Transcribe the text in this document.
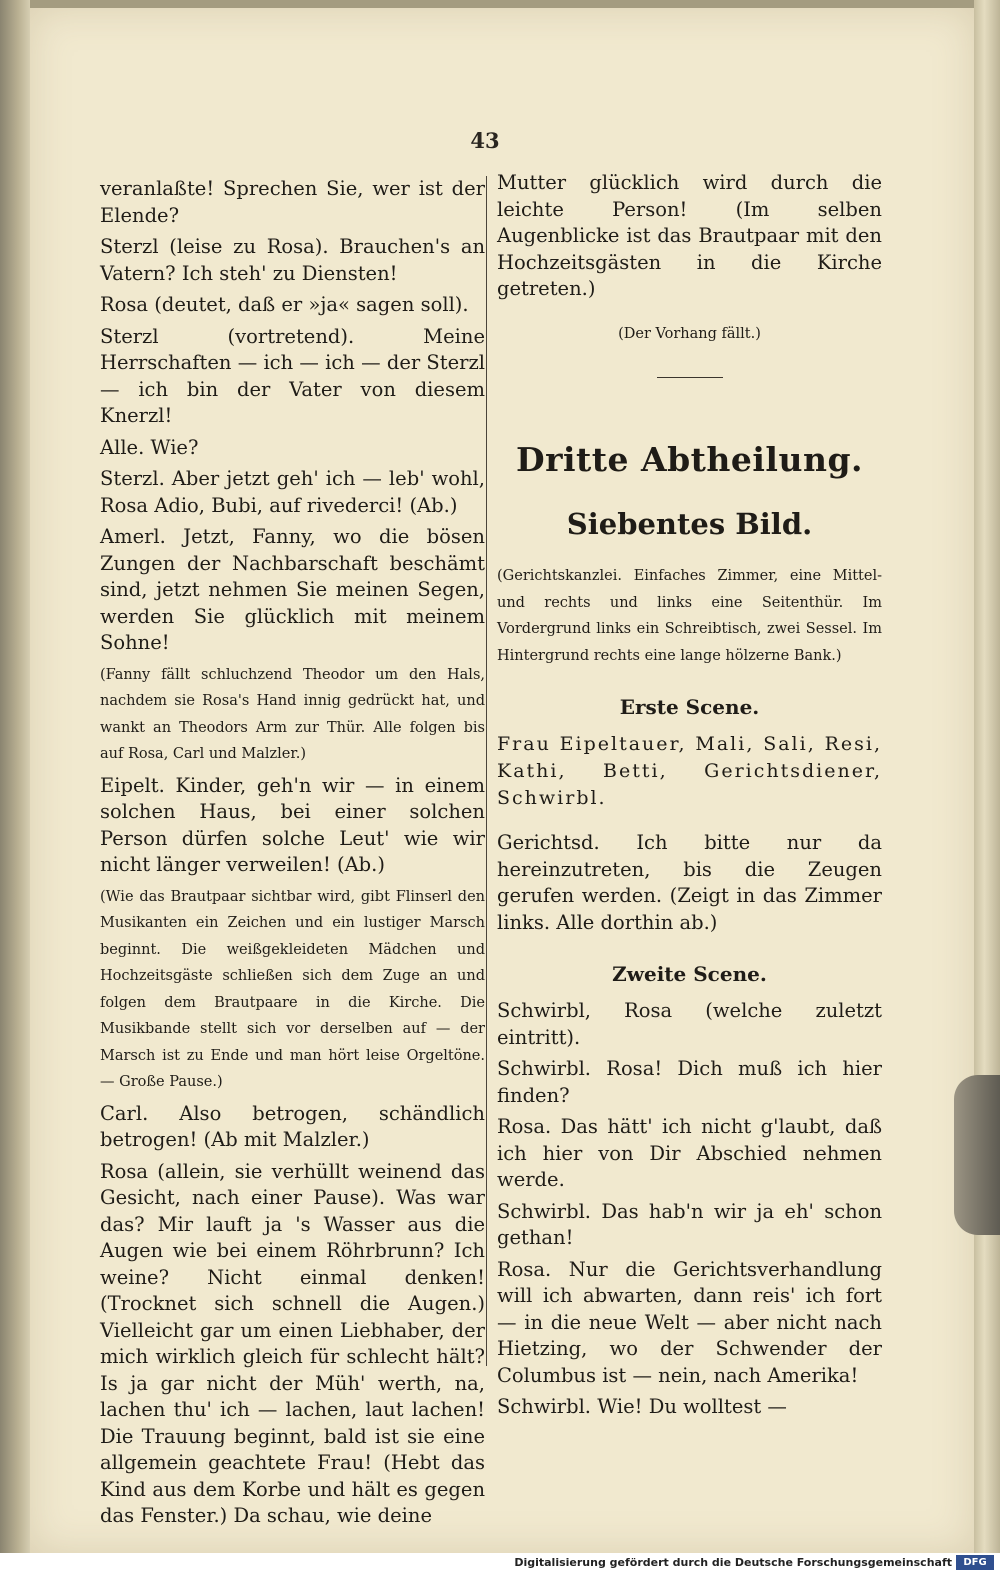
43

veranlaßte! Sprechen Sie, wer ist der Elende?

Sterzl (leise zu Rosa). Brauchen's an Vatern? Ich steh' zu Diensten!

Rosa (deutet, daß er »ja« sagen soll).

Sterzl (vortretend). Meine Herrschaften — ich — ich — der Sterzl — ich bin der Vater von diesem Knerzl!

Alle. Wie?

Sterzl. Aber jetzt geh' ich — leb' wohl, Rosa Adio, Bubi, auf rivederci! (Ab.)

Amerl. Jetzt, Fanny, wo die bösen Zungen der Nachbarschaft beschämt sind, jetzt nehmen Sie meinen Segen, werden Sie glücklich mit meinem Sohne!

(Fanny fällt schluchzend Theodor um den Hals, nachdem sie Rosa's Hand innig gedrückt hat, und wankt an Theodors Arm zur Thür. Alle folgen bis auf Rosa, Carl und Malzler.)

Eipelt. Kinder, geh'n wir — in einem solchen Haus, bei einer solchen Person dürfen solche Leut' wie wir nicht länger verweilen! (Ab.)

(Wie das Brautpaar sichtbar wird, gibt Flinserl den Musikanten ein Zeichen und ein lustiger Marsch beginnt. Die weißgekleideten Mädchen und Hochzeitsgäste schließen sich dem Zuge an und folgen dem Brautpaare in die Kirche. Die Musikbande stellt sich vor derselben auf — der Marsch ist zu Ende und man hört leise Orgeltöne. — Große Pause.)

Carl. Also betrogen, schändlich betrogen! (Ab mit Malzler.)

Rosa (allein, sie verhüllt weinend das Gesicht, nach einer Pause). Was war das? Mir lauft ja 's Wasser aus die Augen wie bei einem Röhrbrunn? Ich weine? Nicht einmal denken! (Trocknet sich schnell die Augen.) Vielleicht gar um einen Liebhaber, der mich wirklich gleich für schlecht hält? Is ja gar nicht der Müh' werth, na, lachen thu' ich — lachen, laut lachen! Die Trauung beginnt, bald ist sie eine allgemein geachtete Frau! (Hebt das Kind aus dem Korbe und hält es gegen das Fenster.) Da schau, wie deine

Mutter glücklich wird durch die leichte Person! (Im selben Augenblicke ist das Brautpaar mit den Hochzeitsgästen in die Kirche getreten.)

(Der Vorhang fällt.)

Dritte Abtheilung.

Siebentes Bild.

(Gerichtskanzlei. Einfaches Zimmer, eine Mittel- und rechts und links eine Seitenthür. Im Vordergrund links ein Schreibtisch, zwei Sessel. Im Hintergrund rechts eine lange hölzerne Bank.)

Erste Scene.

Frau Eipeltauer, Mali, Sali, Resi, Kathi, Betti, Gerichtsdiener, Schwirbl.

Gerichtsd. Ich bitte nur da hereinzutreten, bis die Zeugen gerufen werden. (Zeigt in das Zimmer links. Alle dorthin ab.)

Zweite Scene.

Schwirbl, Rosa (welche zuletzt eintritt).

Schwirbl. Rosa! Dich muß ich hier finden?

Rosa. Das hätt' ich nicht g'laubt, daß ich hier von Dir Abschied nehmen werde.

Schwirbl. Das hab'n wir ja eh' schon gethan!

Rosa. Nur die Gerichtsverhandlung will ich abwarten, dann reis' ich fort — in die neue Welt — aber nicht nach Hietzing, wo der Schwender der Columbus ist — nein, nach Amerika!

Schwirbl. Wie! Du wolltest —

Digitalisierung gefördert durch die Deutsche Forschungsgemeinschaft	DFG
